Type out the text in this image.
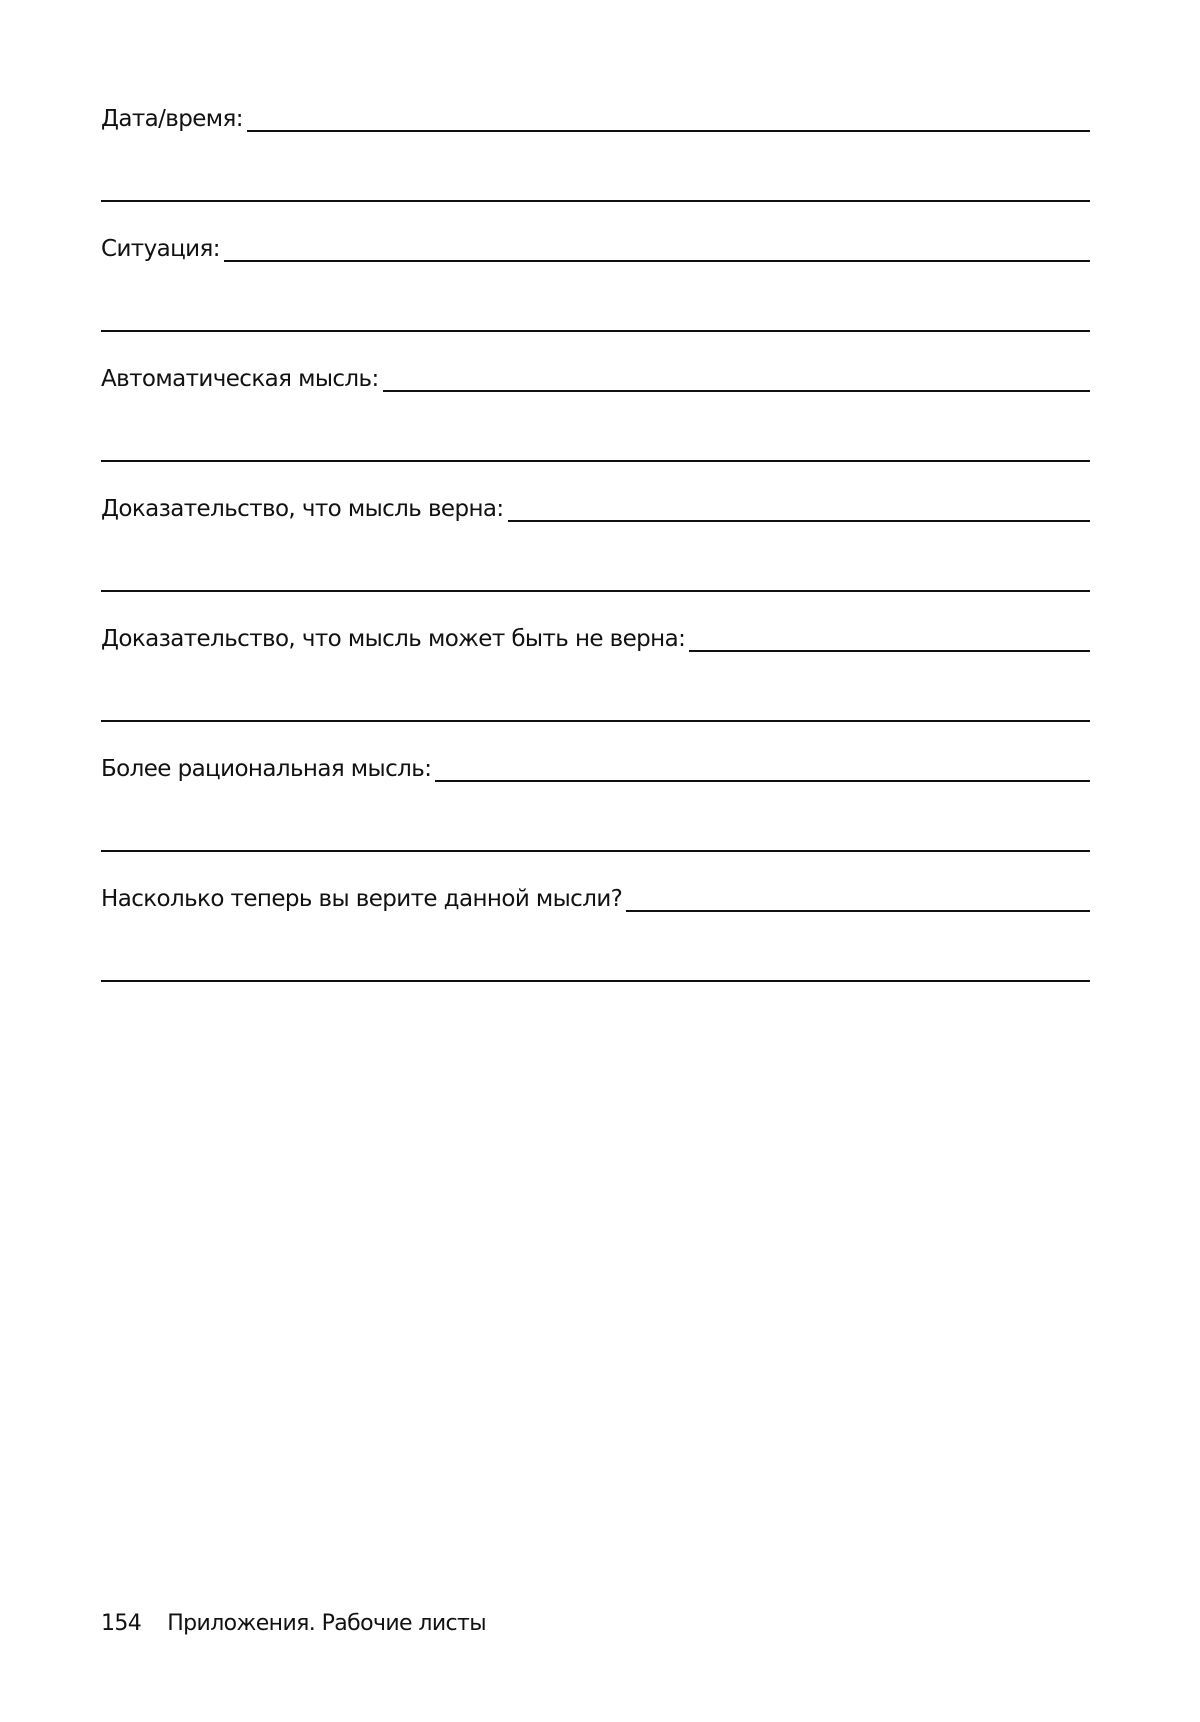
Дата/время:
Ситуация:
Автоматическая мысль:
Доказательство, что мысль верна:
Доказательство, что мысль может быть не верна:
Более рациональная мысль:
Насколько теперь вы верите данной мысли?
154 Приложения. Рабочие листы
